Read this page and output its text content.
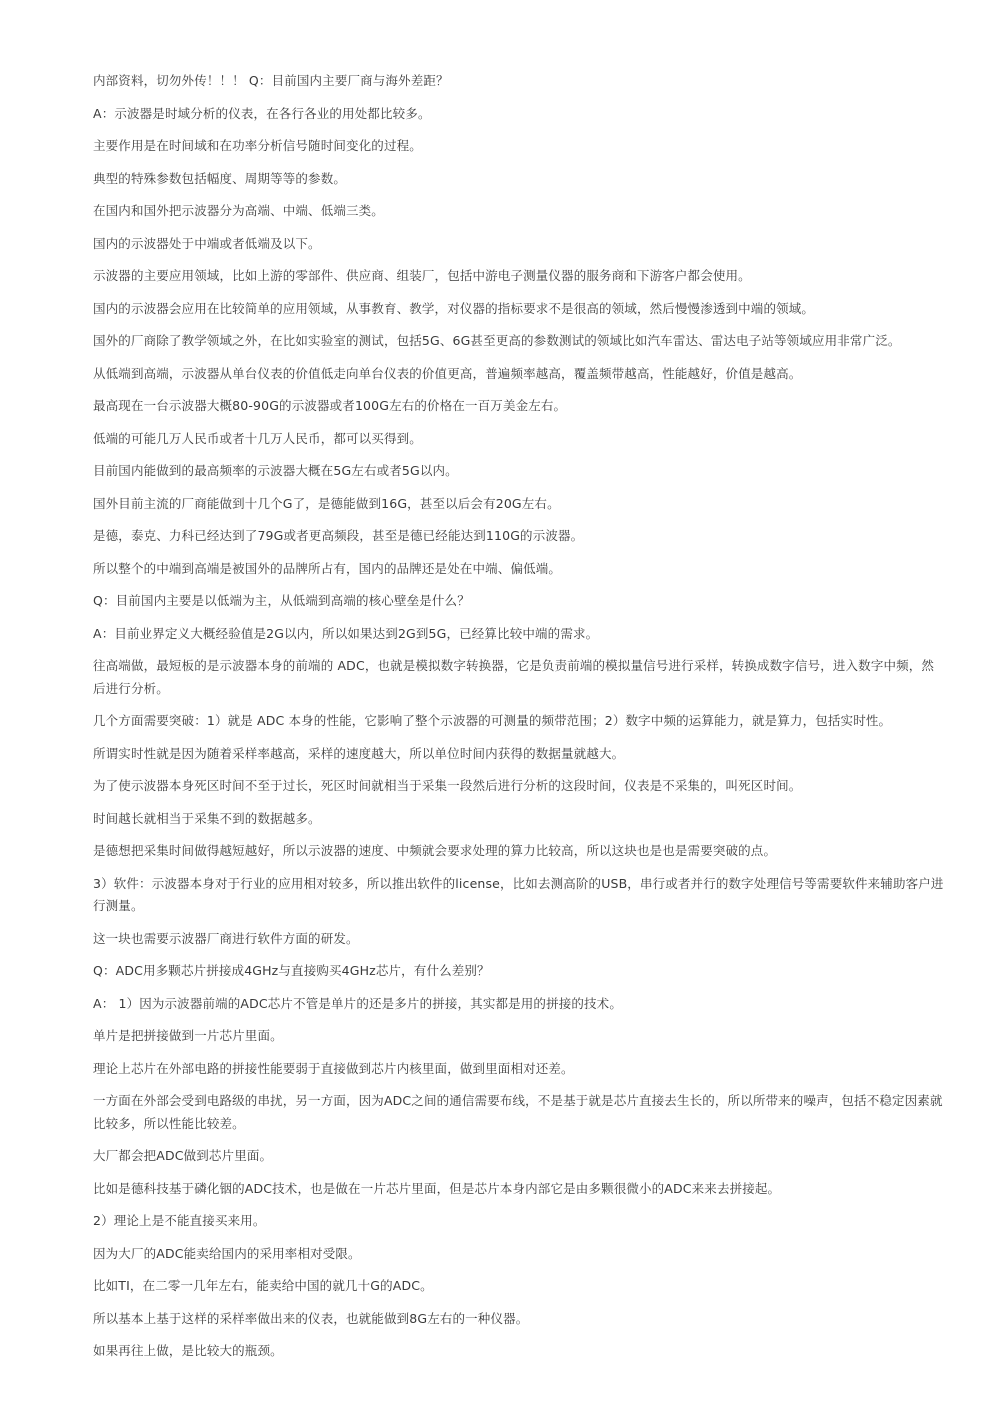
内部资料，切勿外传！！！ Q：目前国内主要厂商与海外差距？

A：示波器是时域分析的仪表，在各行各业的用处都比较多。

主要作用是在时间域和在功率分析信号随时间变化的过程。

典型的特殊参数包括幅度、周期等等的参数。

在国内和国外把示波器分为高端、中端、低端三类。

国内的示波器处于中端或者低端及以下。

示波器的主要应用领域，比如上游的零部件、供应商、组装厂，包括中游电子测量仪器的服务商和下游客户都会使用。

国内的示波器会应用在比较简单的应用领域，从事教育、教学，对仪器的指标要求不是很高的领域，然后慢慢渗透到中端的领域。

国外的厂商除了教学领域之外，在比如实验室的测试，包括5G、6G甚至更高的参数测试的领域比如汽车雷达、雷达电子站等领域应用非常广泛。

从低端到高端，示波器从单台仪表的价值低走向单台仪表的价值更高，普遍频率越高，覆盖频带越高，性能越好，价值是越高。

最高现在一台示波器大概80-90G的示波器或者100G左右的价格在一百万美金左右。

低端的可能几万人民币或者十几万人民币，都可以买得到。

目前国内能做到的最高频率的示波器大概在5G左右或者5G以内。

国外目前主流的厂商能做到十几个G了，是德能做到16G，甚至以后会有20G左右。

是德，泰克、力科已经达到了79G或者更高频段，甚至是德已经能达到110G的示波器。

所以整个的中端到高端是被国外的品牌所占有，国内的品牌还是处在中端、偏低端。

Q：目前国内主要是以低端为主，从低端到高端的核心壁垒是什么？

A：目前业界定义大概经验值是2G以内，所以如果达到2G到5G，已经算比较中端的需求。

往高端做，最短板的是示波器本身的前端的 ADC，也就是模拟数字转换器，它是负责前端的模拟量信号进行采样，转换成数字信号，进入数字中频，然后进行分析。

几个方面需要突破：1）就是 ADC 本身的性能，它影响了整个示波器的可测量的频带范围；2）数字中频的运算能力，就是算力，包括实时性。

所谓实时性就是因为随着采样率越高，采样的速度越大，所以单位时间内获得的数据量就越大。

为了使示波器本身死区时间不至于过长，死区时间就相当于采集一段然后进行分析的这段时间，仪表是不采集的，叫死区时间。

时间越长就相当于采集不到的数据越多。

是德想把采集时间做得越短越好，所以示波器的速度、中频就会要求处理的算力比较高，所以这块也是也是需要突破的点。

3）软件：示波器本身对于行业的应用相对较多，所以推出软件的license，比如去测高阶的USB，串行或者并行的数字处理信号等需要软件来辅助客户进行测量。

这一块也需要示波器厂商进行软件方面的研发。

Q：ADC用多颗芯片拼接成4GHz与直接购买4GHz芯片，有什么差别？

A： 1）因为示波器前端的ADC芯片不管是单片的还是多片的拼接，其实都是用的拼接的技术。

单片是把拼接做到一片芯片里面。

理论上芯片在外部电路的拼接性能要弱于直接做到芯片内核里面，做到里面相对还差。

一方面在外部会受到电路级的串扰，另一方面，因为ADC之间的通信需要布线，不是基于就是芯片直接去生长的，所以所带来的噪声，包括不稳定因素就比较多，所以性能比较差。

大厂都会把ADC做到芯片里面。

比如是德科技基于磷化铟的ADC技术，也是做在一片芯片里面，但是芯片本身内部它是由多颗很微小的ADC来来去拼接起。

2）理论上是不能直接买来用。

因为大厂的ADC能卖给国内的采用率相对受限。

比如TI，在二零一几年左右，能卖给中国的就几十G的ADC。

所以基本上基于这样的采样率做出来的仪表，也就能做到8G左右的一种仪器。

如果再往上做，是比较大的瓶颈。
